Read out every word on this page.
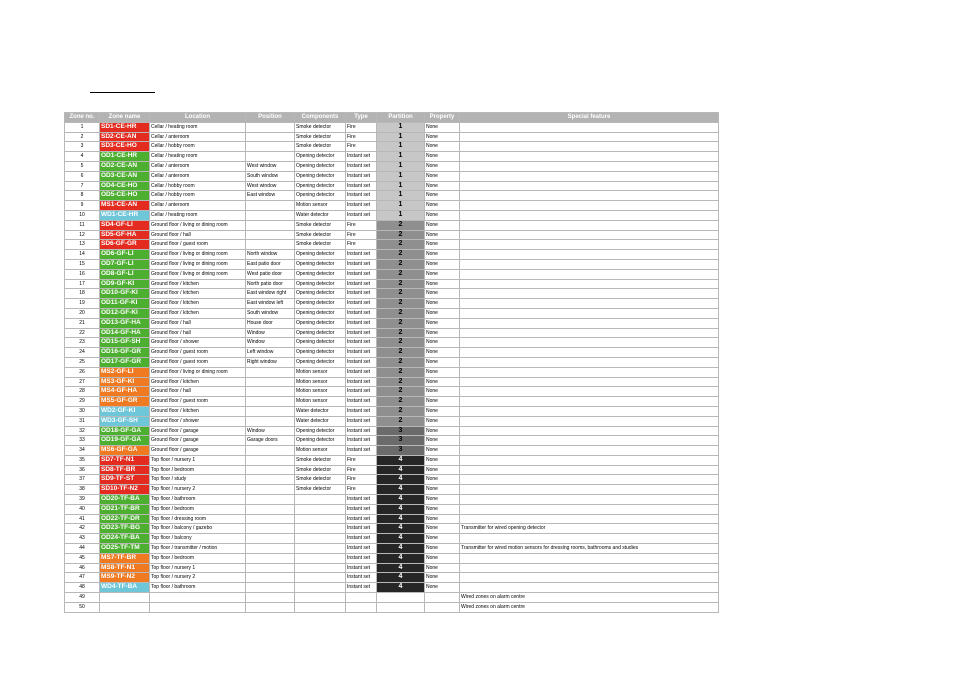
Zone no.	Zone name	Location	Position	Components	Type	Partition	Property	Special feature
1	SD1-CE-HR	Cellar / heating room		Smoke detector	Fire	1	None	
2	SD2-CE-AN	Cellar / anteroom		Smoke detector	Fire	1	None	
3	SD3-CE-HO	Cellar / hobby room		Smoke detector	Fire	1	None	
4	OD1-CE-HR	Cellar / heating room		Opening detector	Instant set	1	None	
5	OD2-CE-AN	Cellar / anteroom	West window	Opening detector	Instant set	1	None	
6	OD3-CE-AN	Cellar / anteroom	South window	Opening detector	Instant set	1	None	
7	OD4-CE-HO	Cellar / hobby room	West window	Opening detector	Instant set	1	None	
8	OD5-CE-HO	Cellar / hobby room	East window	Opening detector	Instant set	1	None	
9	MS1-CE-AN	Cellar / anteroom		Motion sensor	Instant set	1	None	
10	WD1-CE-HR	Cellar / heating room		Water detector	Instant set	1	None	
11	SD4-GF-LI	Ground floor / living or dining room		Smoke detector	Fire	2	None	
12	SD5-GF-HA	Ground floor / hall		Smoke detector	Fire	2	None	
13	SD6-GF-GR	Ground floor / guest room		Smoke detector	Fire	2	None	
14	OD6-GF-LI	Ground floor / living or dining room	North window	Opening detector	Instant set	2	None	
15	OD7-GF-LI	Ground floor / living or dining room	East patio door	Opening detector	Instant set	2	None	
16	OD8-GF-LI	Ground floor / living or dining room	West patio door	Opening detector	Instant set	2	None	
17	OD9-GF-KI	Ground floor / kitchen	North patio door	Opening detector	Instant set	2	None	
18	OD10-GF-KI	Ground floor / kitchen	East window right	Opening detector	Instant set	2	None	
19	OD11-GF-KI	Ground floor / kitchen	East window left	Opening detector	Instant set	2	None	
20	OD12-GF-KI	Ground floor / kitchen	South window	Opening detector	Instant set	2	None	
21	OD13-GF-HA	Ground floor / hall	House door	Opening detector	Instant set	2	None	
22	OD14-GF-HA	Ground floor / hall	Window	Opening detector	Instant set	2	None	
23	OD15-GF-SH	Ground floor / shower	Window	Opening detector	Instant set	2	None	
24	OD16-GF-GR	Ground floor / guest room	Left window	Opening detector	Instant set	2	None	
25	OD17-GF-GR	Ground floor / guest room	Right window	Opening detector	Instant set	2	None	
26	MS2-GF-LI	Ground floor / living or dining room		Motion sensor	Instant set	2	None	
27	MS3-GF-KI	Ground floor / kitchen		Motion sensor	Instant set	2	None	
28	MS4-GF-HA	Ground floor / hall		Motion sensor	Instant set	2	None	
29	MS5-GF-GR	Ground floor / guest room		Motion sensor	Instant set	2	None	
30	WD2-GF-KI	Ground floor / kitchen		Water detector	Instant set	2	None	
31	WD3-GF-SH	Ground floor / shower		Water detector	Instant set	2	None	
32	OD18-GF-GA	Ground floor / garage	Window	Opening detector	Instant set	3	None	
33	OD19-GF-GA	Ground floor / garage	Garage doors	Opening detector	Instant set	3	None	
34	MS6-GF-GA	Ground floor / garage		Motion sensor	Instant set	3	None	
35	SD7-TF-N1	Top floor / nursery 1		Smoke detector	Fire	4	None	
36	SD8-TF-BR	Top floor / bedroom		Smoke detector	Fire	4	None	
37	SD9-TF-ST	Top floor / study		Smoke detector	Fire	4	None	
38	SD10-TF-N2	Top floor / nursery 2		Smoke detector	Fire	4	None	
39	OD20-TF-BA	Top floor / bathroom			Instant set	4	None	
40	OD21-TF-BR	Top floor / bedroom			Instant set	4	None	
41	OD22-TF-DR	Top floor / dressing room			Instant set	4	None	
42	OD23-TF-BG	Top floor / balcony / gazebo			Instant set	4	None	Transmitter for wired opening detector
43	OD24-TF-BA	Top floor / balcony			Instant set	4	None	
44	OD25-TF-TM	Top floor / transmitter / motion			Instant set	4	None	Transmitter for wired motion sensors for dressing rooms, bathrooms and studies
45	MS7-TF-BR	Top floor / bedroom			Instant set	4	None	
46	MS8-TF-N1	Top floor / nursery 1			Instant set	4	None	
47	MS9-TF-N2	Top floor / nursery 2			Instant set	4	None	
48	WD4-TF-BA	Top floor / bathroom			Instant set	4	None	
49								Wired zones on alarm centre
50								Wired zones on alarm centre
